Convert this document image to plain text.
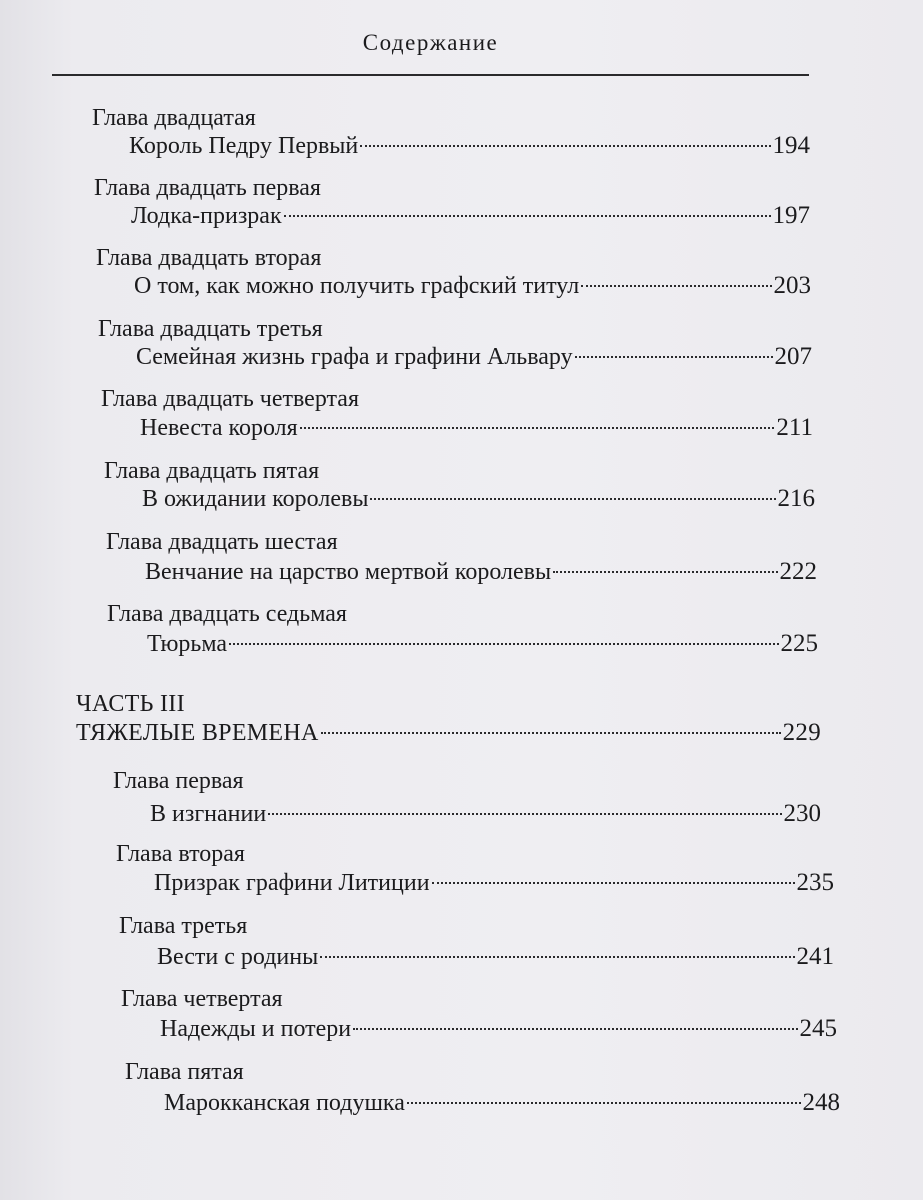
Содержание
Глава двадцатая
Король Педру Первый	194
Глава двадцать первая
Лодка-призрак	197
Глава двадцать вторая
О том, как можно получить графский титул	203
Глава двадцать третья
Семейная жизнь графа и графини Альвару	207
Глава двадцать четвертая
Невеста короля	211
Глава двадцать пятая
В ожидании королевы	216
Глава двадцать шестая
Венчание на царство мертвой королевы	222
Глава двадцать седьмая
Тюрьма	225
ЧАСТЬ III
ТЯЖЕЛЫЕ ВРЕМЕНА	229
Глава первая
В изгнании	230
Глава вторая
Призрак графини Литиции	235
Глава третья
Вести с родины	241
Глава четвертая
Надежды и потери	245
Глава пятая
Марокканская подушка	248
